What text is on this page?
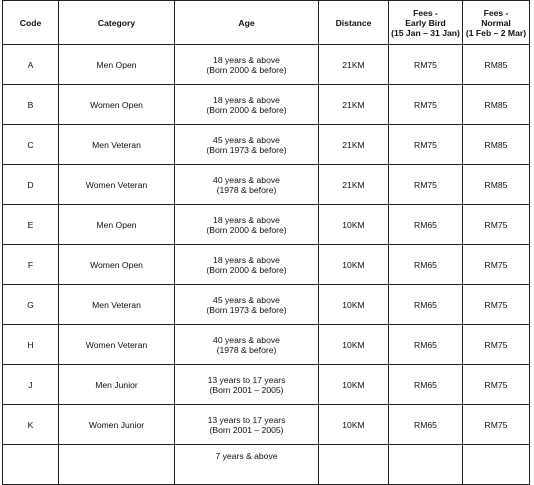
Code	Category	Age	Distance	Fees -
Early Bird
(15 Jan – 31 Jan)	Fees -
Normal
(1 Feb – 2 Mar)

A	Men Open	18 years & above
(Born 2000 & before)	21KM	RM75	RM85
B	Women Open	18 years & above
(Born 2000 & before)	21KM	RM75	RM85
C	Men Veteran	45 years & above
(Born 1973 & before)	21KM	RM75	RM85
D	Women Veteran	40 years & above
(1978 & before)	21KM	RM75	RM85
E	Men Open	18 years & above
(Born 2000 & before)	10KM	RM65	RM75
F	Women Open	18 years & above
(Born 2000 & before)	10KM	RM65	RM75
G	Men Veteran	45 years & above
(Born 1973 & before)	10KM	RM65	RM75
H	Women Veteran	40 years & above
(1978 & before)	10KM	RM65	RM75
J	Men Junior	13 years to 17 years
(Born 2001 – 2005)	10KM	RM65	RM75
K	Women Junior	13 years to 17 years
(Born 2001 – 2005)	10KM	RM65	RM75

		7 years & above			
